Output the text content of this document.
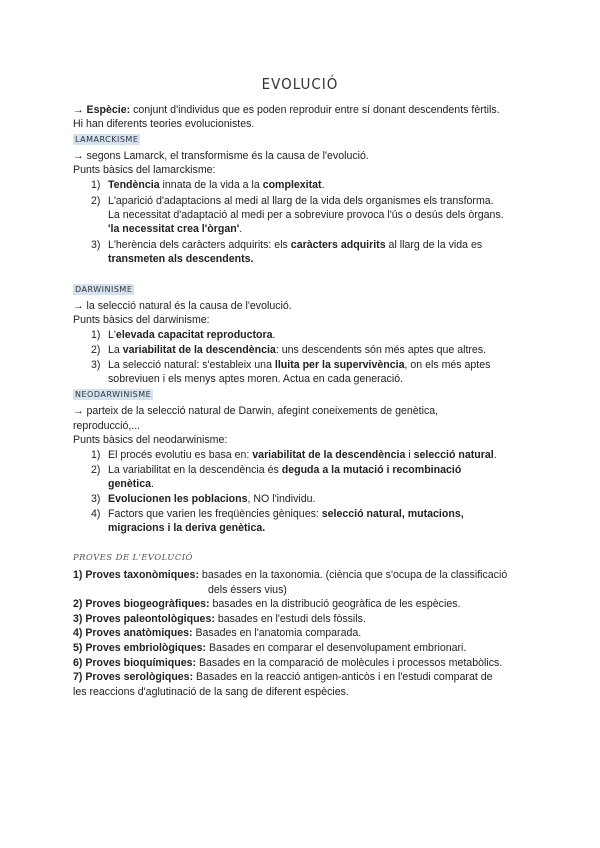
EVOLUCIÓ
→ Espècie: conjunt d'individus que es poden reproduir entre sí donant descendents fèrtils.
Hi han diferents teories evolucionistes.
LAMARCKISME
→ segons Lamarck, el transformisme és la causa de l'evolució.
Punts bàsics del lamarckisme:
1) Tendència innata de la vida a la complexitat.
2) L'aparició d'adaptacions al medi al llarg de la vida dels organismes els transforma.
La necessitat d'adaptació al medi per a sobreviure provoca l'ús o desús dels òrgans.
'la necessitat crea l'òrgan'.
3) L'herència dels caràcters adquirits: els caràcters adquirits al llarg de la vida es
transmeten als descendents.
DARWINISME
→ la selecció natural és la causa de l'evolució.
Punts bàsics del darwinisme:
1) L'elevada capacitat reproductora.
2) La variabilitat de la descendència: uns descendents són més aptes que altres.
3) La selecció natural: s'estableix una lluita per la supervivència, on els més aptes
sobreviuen i els menys aptes moren. Actua en cada generació.
NEODARWINISME
→ parteix de la selecció natural de Darwin, afegint coneixements de genètica,
reproducció,...
Punts bàsics del neodarwinisme:
1) El procés evolutiu es basa en: variabilitat de la descendència i selecció natural.
2) La variabilitat en la descendència és deguda a la mutació i recombinació
genètica.
3) Evolucionen les poblacions, NO l'individu.
4) Factors que varien les freqüències gèniques: selecció natural, mutacions,
migracions i la deriva genètica.
PROVES DE L'EVOLUCIÓ
1) Proves taxonòmiques: basades en la taxonomia. (ciència que s'ocupa de la classificació
dels éssers vius)
2) Proves biogeogràfiques: basades en la distribució geogràfica de les espècies.
3) Proves paleontològiques: basades en l'estudi dels fòssils.
4) Proves anatòmiques: Basades en l'anatomia comparada.
5) Proves embriològiques: Basades en comparar el desenvolupament embrionari.
6) Proves bioquímiques: Basades en la comparació de molècules i processos metabòlics.
7) Proves serològiques: Basades en la reacció antigen-anticòs i en l'estudi comparat de
les reaccions d'aglutinació de la sang de diferent espècies.
